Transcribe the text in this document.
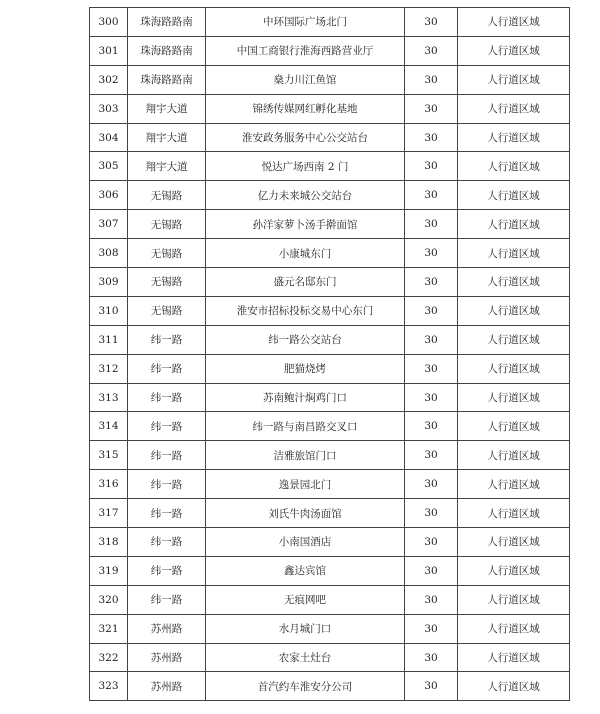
300	珠海路路南	中环国际广场北门	30	人行道区域
301	珠海路路南	中国工商银行淮海西路营业厅	30	人行道区域
302	珠海路路南	燊力川江鱼馆	30	人行道区域
303	翔宇大道	锦绣传媒网红孵化基地	30	人行道区域
304	翔宇大道	淮安政务服务中心公交站台	30	人行道区域
305	翔宇大道	悦达广场西南 2 门	30	人行道区域
306	无锡路	亿力未来城公交站台	30	人行道区域
307	无锡路	孙洋家萝卜汤手擀面馆	30	人行道区域
308	无锡路	小康城东门	30	人行道区域
309	无锡路	盛元名邸东门	30	人行道区域
310	无锡路	淮安市招标投标交易中心东门	30	人行道区域
311	纬一路	纬一路公交站台	30	人行道区域
312	纬一路	肥猫烧烤	30	人行道区域
313	纬一路	苏南鲍汁焖鸡门口	30	人行道区域
314	纬一路	纬一路与南昌路交叉口	30	人行道区域
315	纬一路	洁雅旅馆门口	30	人行道区域
316	纬一路	逸景园北门	30	人行道区域
317	纬一路	刘氏牛肉汤面馆	30	人行道区域
318	纬一路	小南国酒店	30	人行道区域
319	纬一路	鑫达宾馆	30	人行道区域
320	纬一路	无痕网吧	30	人行道区域
321	苏州路	水月城门口	30	人行道区域
322	苏州路	农家土灶台	30	人行道区域
323	苏州路	首汽约车淮安分公司	30	人行道区域
